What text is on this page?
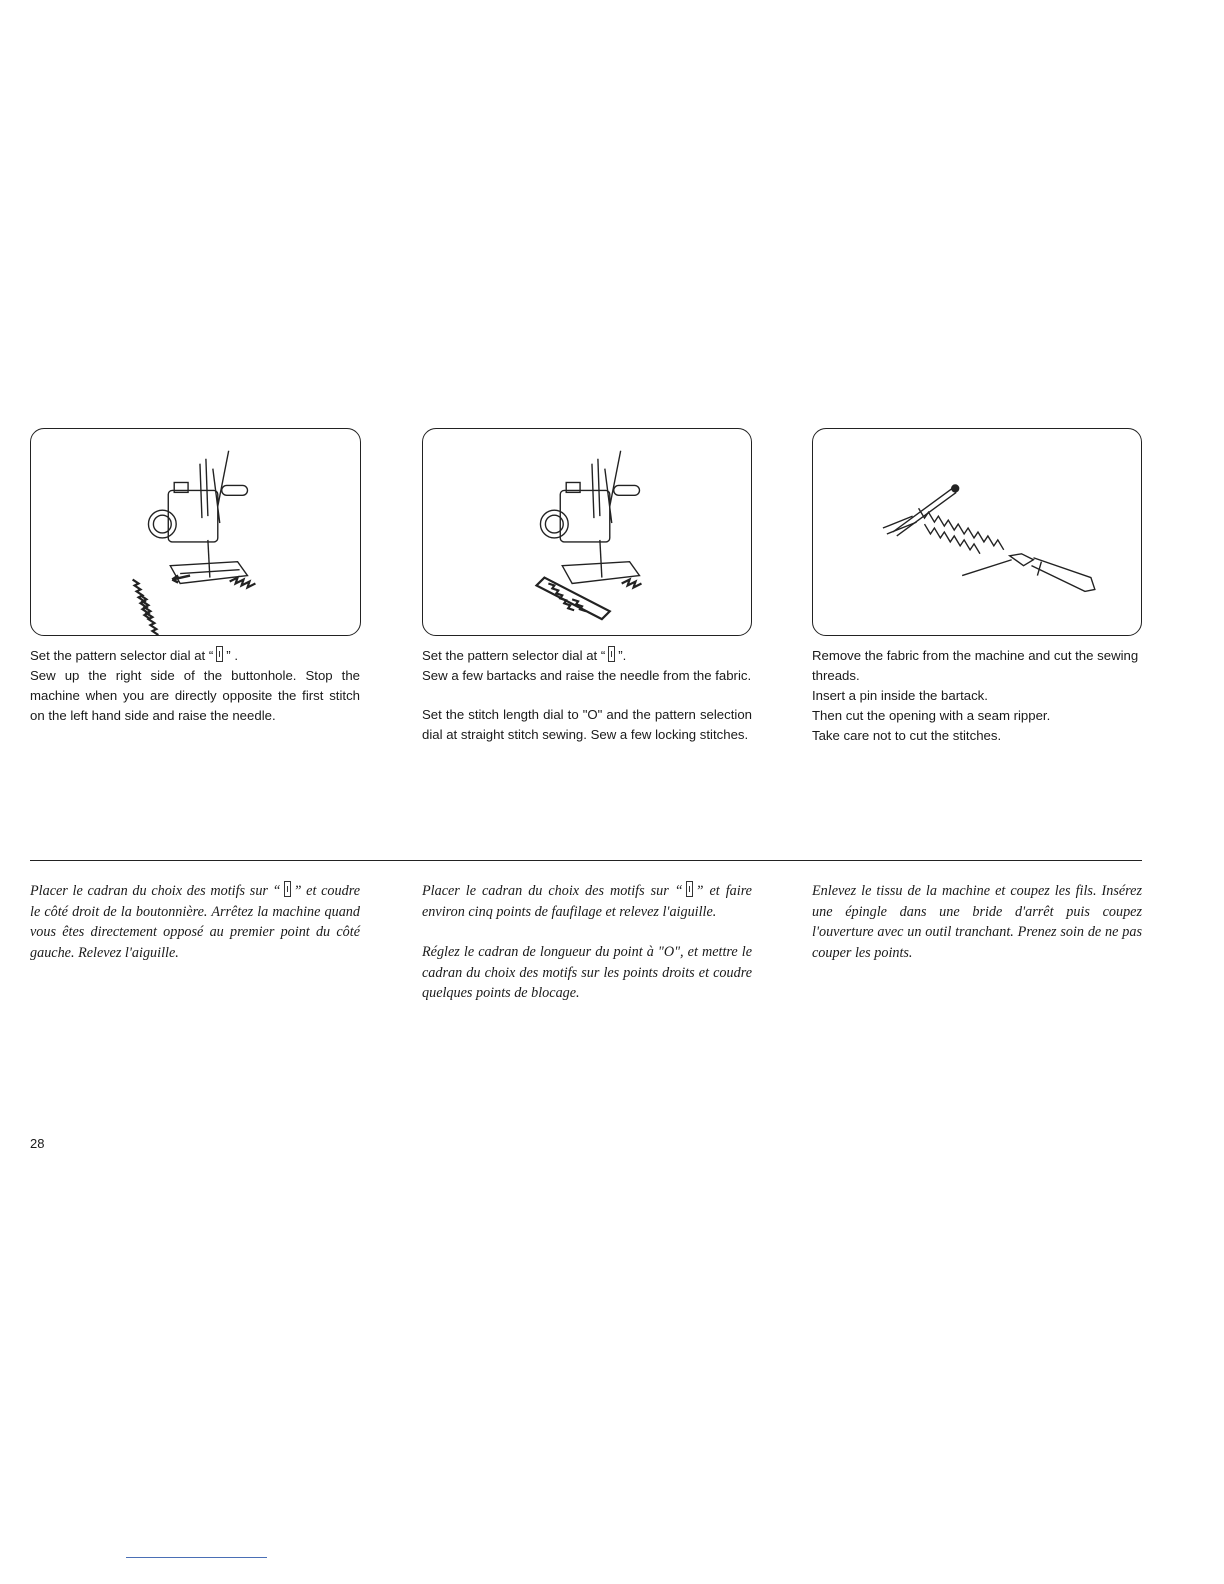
Set the pattern selector dial at “ ” .

Sew up the right side of the buttonhole. Stop the machine when you are directly opposite the first stitch on the left hand side and raise the needle.

Set the pattern selector dial at “ ”.

Sew a few bartacks and raise the needle from the fabric.

Set the stitch length dial to "O" and the pattern selection dial at straight stitch sewing. Sew a few locking stitches.

Remove the fabric from the machine and cut the sewing threads.

Insert a pin inside the bartack.

Then cut the opening with a seam ripper.

Take care not to cut the stitches.

Placer le cadran du choix des motifs sur “ ” et coudre le côté droit de la boutonnière. Arrêtez la machine quand vous êtes directement opposé au premier point du côté gauche. Relevez l'aiguille.

Placer le cadran du choix des motifs sur “ ” et faire environ cinq points de faufilage et relevez l'aiguille.

Réglez le cadran de longueur du point à "O", et mettre le cadran du choix des motifs sur les points droits et coudre quelques points de blocage.

Enlevez le tissu de la machine et coupez les fils. Insérez une épingle dans une bride d'arrêt puis coupez l'ouverture avec un outil tranchant. Prenez soin de ne pas couper les points.

28
